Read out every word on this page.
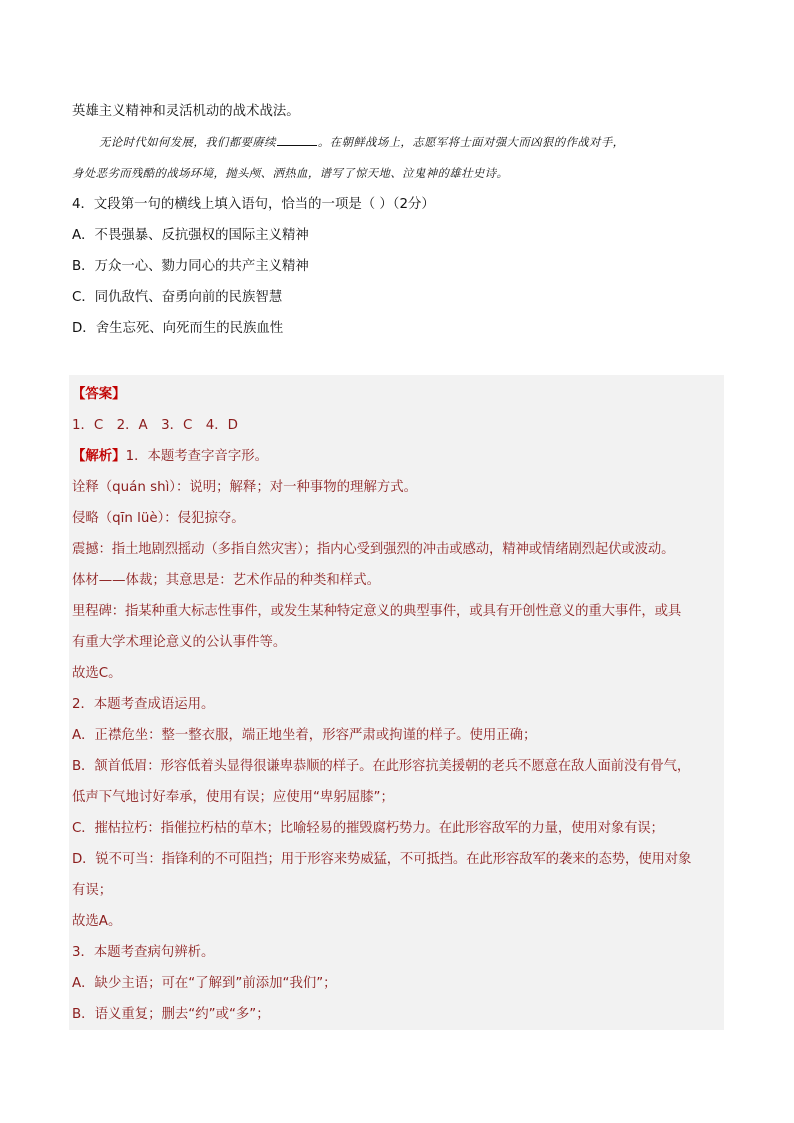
英雄主义精神和灵活机动的战术战法。
无论时代如何发展，我们都要赓续	。在朝鲜战场上，志愿军将士面对强大而凶狠的作战对手，
身处恶劣而残酷的战场环境，抛头颅、洒热血，谱写了惊天地、泣鬼神的雄壮史诗。
4．文段第一句的横线上填入语句，恰当的一项是（ ）（2分）
A．不畏强暴、反抗强权的国际主义精神
B．万众一心、勠力同心的共产主义精神
C．同仇敌忾、奋勇向前的民族智慧
D．舍生忘死、向死而生的民族血性
【答案】
1．C　2．A　3．C　4．D
【解析】1．本题考查字音字形。
诠释（quán shì）：说明；解释；对一种事物的理解方式。
侵略（qīn lüè）：侵犯掠夺。
震撼：指土地剧烈摇动（多指自然灾害）；指内心受到强烈的冲击或感动，精神或情绪剧烈起伏或波动。
体材——体裁；其意思是：艺术作品的种类和样式。
里程碑：指某种重大标志性事件，或发生某种特定意义的典型事件，或具有开创性意义的重大事件，或具
有重大学术理论意义的公认事件等。
故选C。
2．本题考查成语运用。
A．正襟危坐：整一整衣服，端正地坐着，形容严肃或拘谨的样子。使用正确；
B．颔首低眉：形容低着头显得很谦卑恭顺的样子。在此形容抗美援朝的老兵不愿意在敌人面前没有骨气，
低声下气地讨好奉承，使用有误；应使用“卑躬屈膝”；
C．摧枯拉朽：指催拉朽枯的草木；比喻轻易的摧毁腐朽势力。在此形容敌军的力量，使用对象有误；
D．锐不可当：指锋利的不可阻挡；用于形容来势威猛，不可抵挡。在此形容敌军的袭来的态势，使用对象
有误；
故选A。
3．本题考查病句辨析。
A．缺少主语；可在“了解到”前添加“我们”；
B．语义重复；删去“约”或“多”；
